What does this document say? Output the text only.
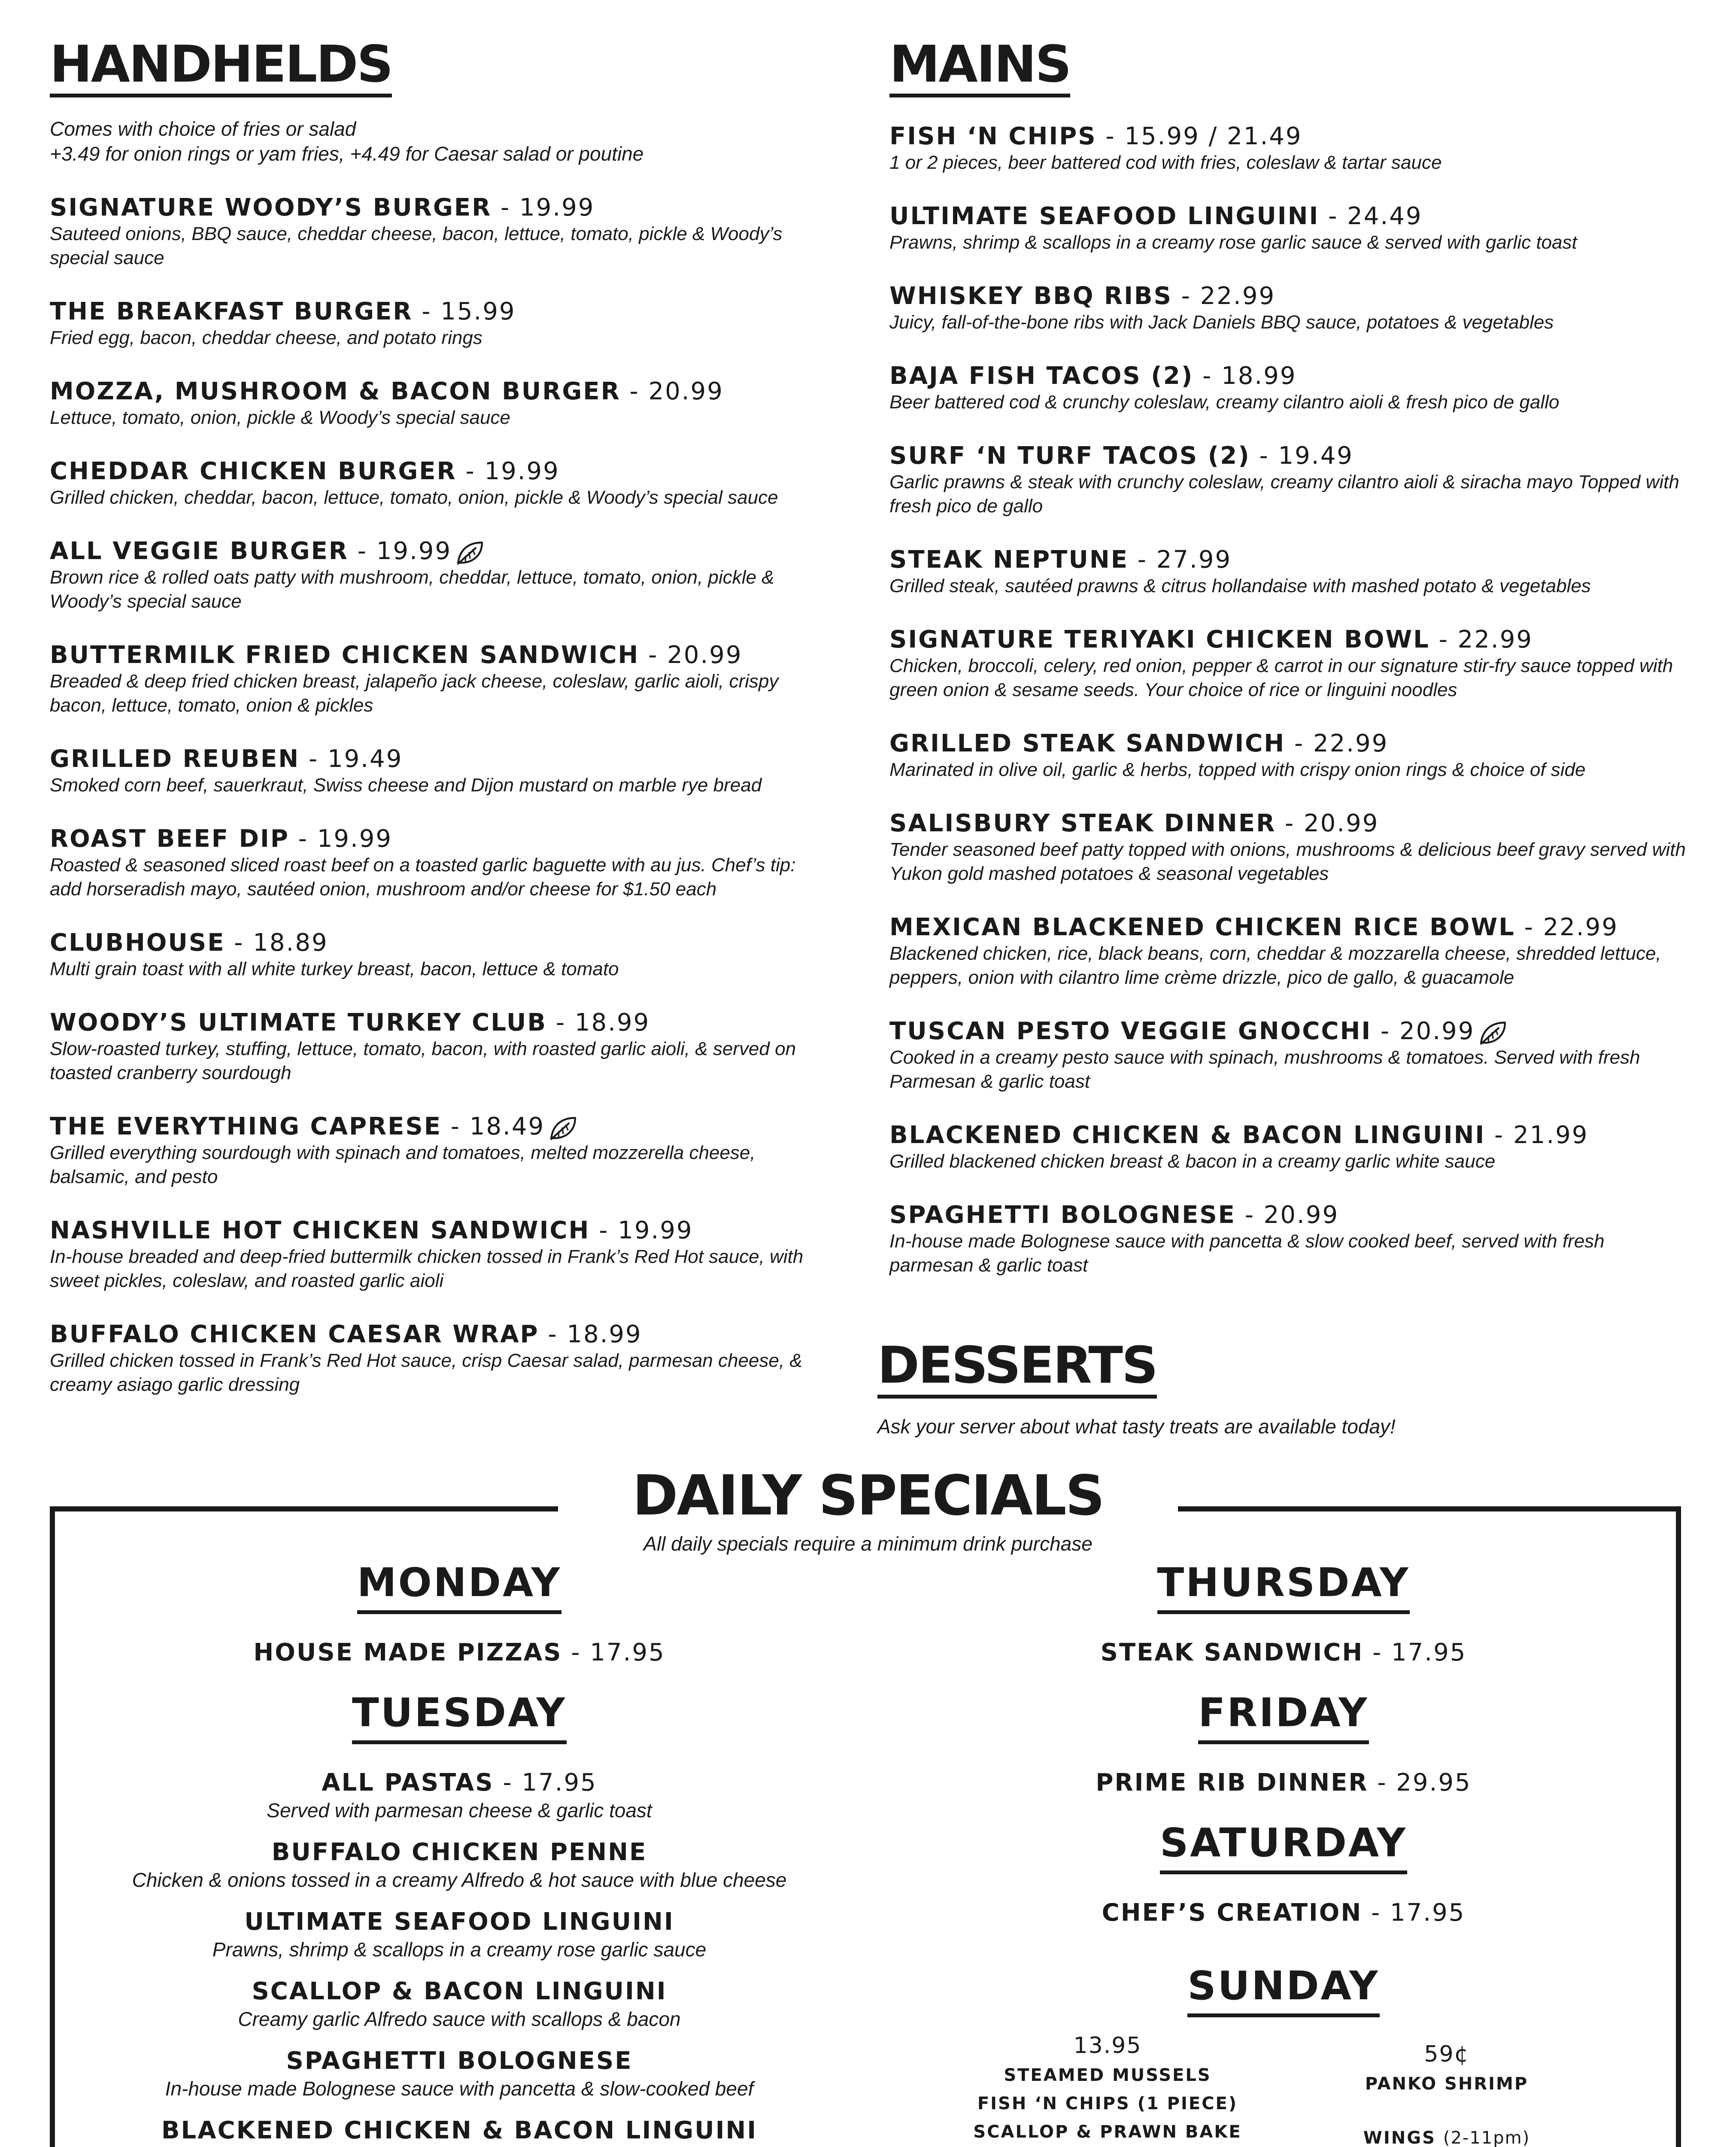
HANDHELDS
Comes with choice of fries or salad
+3.49 for onion rings or yam fries, +4.49 for Caesar salad or poutine
SIGNATURE WOODY’S BURGER - 19.99
Sauteed onions, BBQ sauce, cheddar cheese, bacon, lettuce, tomato, pickle & Woody’s special sauce
THE BREAKFAST BURGER - 15.99
Fried egg, bacon, cheddar cheese, and potato rings
MOZZA, MUSHROOM & BACON BURGER - 20.99
Lettuce, tomato, onion, pickle & Woody’s special sauce
CHEDDAR CHICKEN BURGER - 19.99
Grilled chicken, cheddar, bacon, lettuce, tomato, onion, pickle & Woody’s special sauce
ALL VEGGIE BURGER - 19.99
Brown rice & rolled oats patty with mushroom, cheddar, lettuce, tomato, onion, pickle & Woody’s special sauce
BUTTERMILK FRIED CHICKEN SANDWICH - 20.99
Breaded & deep fried chicken breast, jalapeño jack cheese, coleslaw, garlic aioli, crispy bacon, lettuce, tomato, onion & pickles
GRILLED REUBEN - 19.49
Smoked corn beef, sauerkraut, Swiss cheese and Dijon mustard on marble rye bread
ROAST BEEF DIP - 19.99
Roasted & seasoned sliced roast beef on a toasted garlic baguette with au jus. Chef’s tip: add horseradish mayo, sautéed onion, mushroom and/or cheese for $1.50 each
CLUBHOUSE - 18.89
Multi grain toast with all white turkey breast, bacon, lettuce & tomato
WOODY’S ULTIMATE TURKEY CLUB - 18.99
Slow-roasted turkey, stuffing, lettuce, tomato, bacon, with roasted garlic aioli, & served on toasted cranberry sourdough
THE EVERYTHING CAPRESE - 18.49
Grilled everything sourdough with spinach and tomatoes, melted mozzerella cheese, balsamic, and pesto
NASHVILLE HOT CHICKEN SANDWICH - 19.99
In-house breaded and deep-fried buttermilk chicken tossed in Frank’s Red Hot sauce, with sweet pickles, coleslaw, and roasted garlic aioli
BUFFALO CHICKEN CAESAR WRAP - 18.99
Grilled chicken tossed in Frank’s Red Hot sauce, crisp Caesar salad, parmesan cheese, & creamy asiago garlic dressing
MAINS
FISH ‘N CHIPS - 15.99 / 21.49
1 or 2 pieces, beer battered cod with fries, coleslaw & tartar sauce
ULTIMATE SEAFOOD LINGUINI - 24.49
Prawns, shrimp & scallops in a creamy rose garlic sauce & served with garlic toast
WHISKEY BBQ RIBS - 22.99
Juicy, fall-of-the-bone ribs with Jack Daniels BBQ sauce, potatoes & vegetables
BAJA FISH TACOS (2) - 18.99
Beer battered cod & crunchy coleslaw, creamy cilantro aioli & fresh pico de gallo
SURF ‘N TURF TACOS (2) - 19.49
Garlic prawns & steak with crunchy coleslaw, creamy cilantro aioli & siracha mayo Topped with fresh pico de gallo
STEAK NEPTUNE - 27.99
Grilled steak, sautéed prawns & citrus hollandaise with mashed potato & vegetables
SIGNATURE TERIYAKI CHICKEN BOWL - 22.99
Chicken, broccoli, celery, red onion, pepper & carrot in our signature stir-fry sauce topped with green onion & sesame seeds. Your choice of rice or linguini noodles
GRILLED STEAK SANDWICH - 22.99
Marinated in olive oil, garlic & herbs, topped with crispy onion rings & choice of side
SALISBURY STEAK DINNER - 20.99
Tender seasoned beef patty topped with onions, mushrooms & delicious beef gravy served with Yukon gold mashed potatoes & seasonal vegetables
MEXICAN BLACKENED CHICKEN RICE BOWL - 22.99
Blackened chicken, rice, black beans, corn, cheddar & mozzarella cheese, shredded lettuce, peppers, onion with cilantro lime crème drizzle, pico de gallo, & guacamole
TUSCAN PESTO VEGGIE GNOCCHI - 20.99
Cooked in a creamy pesto sauce with spinach, mushrooms & tomatoes. Served with fresh Parmesan & garlic toast
BLACKENED CHICKEN & BACON LINGUINI - 21.99
Grilled blackened chicken breast & bacon in a creamy garlic white sauce
SPAGHETTI BOLOGNESE - 20.99
In-house made Bolognese sauce with pancetta & slow cooked beef, served with fresh parmesan & garlic toast
DESSERTS
Ask your server about what tasty treats are available today!
DAILY SPECIALS
All daily specials require a minimum drink purchase
MONDAY
HOUSE MADE PIZZAS - 17.95
TUESDAY
ALL PASTAS - 17.95
Served with parmesan cheese & garlic toast
BUFFALO CHICKEN PENNE
Chicken & onions tossed in a creamy Alfredo & hot sauce with blue cheese
ULTIMATE SEAFOOD LINGUINI
Prawns, shrimp & scallops in a creamy rose garlic sauce
SCALLOP & BACON LINGUINI
Creamy garlic Alfredo sauce with scallops & bacon
SPAGHETTI BOLOGNESE
In-house made Bolognese sauce with pancetta & slow-cooked beef
BLACKENED CHICKEN & BACON LINGUINI
THURSDAY
STEAK SANDWICH - 17.95
FRIDAY
PRIME RIB DINNER - 29.95
SATURDAY
CHEF’S CREATION - 17.95
SUNDAY
13.95
STEAMED MUSSELS
FISH ‘N CHIPS (1 PIECE)
SCALLOP & PRAWN BAKE
59¢
PANKO SHRIMP
WINGS (2-11pm)
